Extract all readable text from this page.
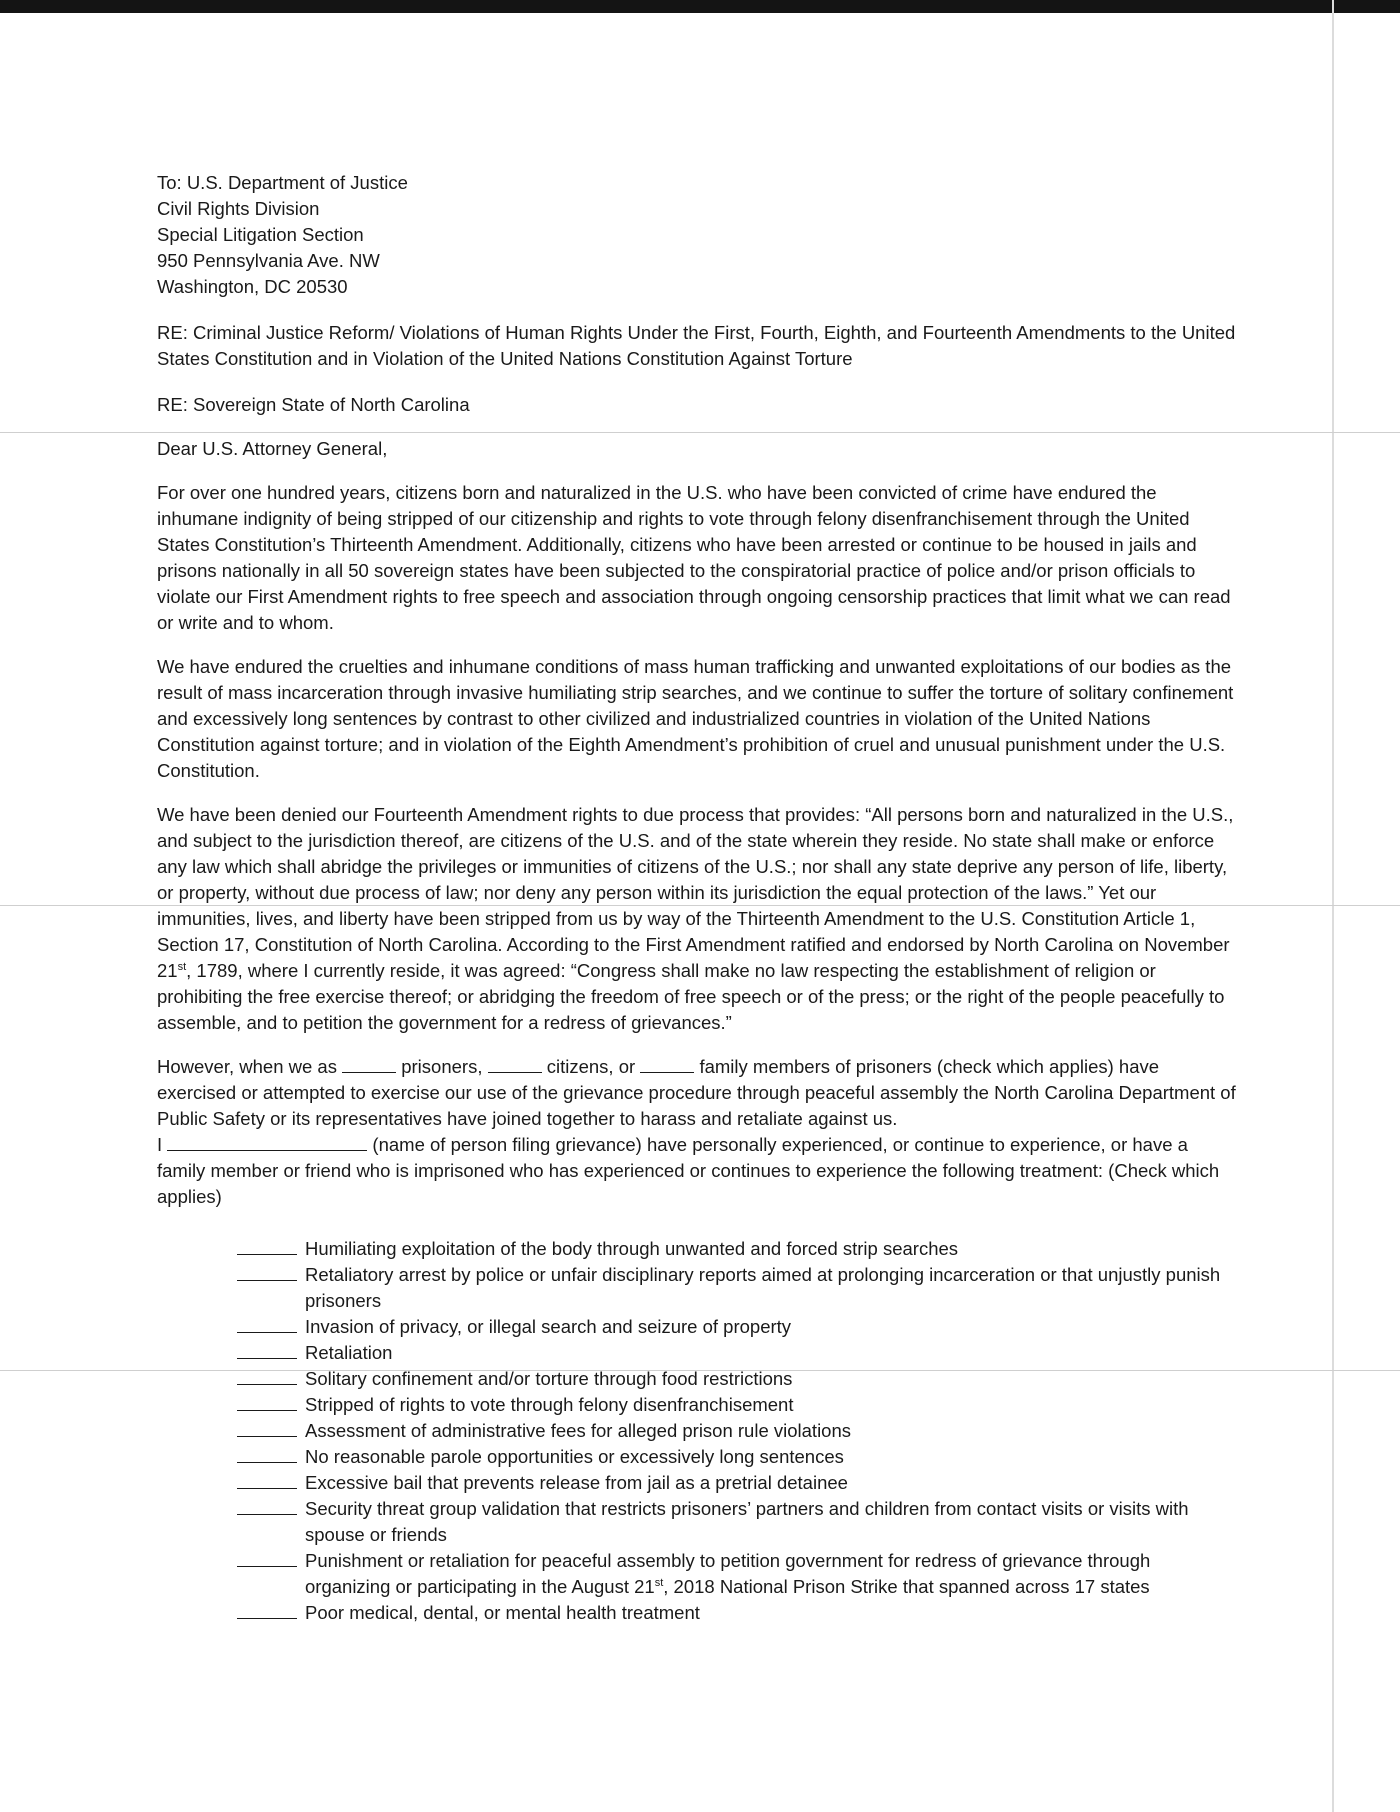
To: U.S. Department of Justice
Civil Rights Division
Special Litigation Section
950 Pennsylvania Ave. NW
Washington, DC 20530

RE: Criminal Justice Reform/ Violations of Human Rights Under the First, Fourth, Eighth, and Fourteenth Amendments to the United States Constitution and in Violation of the United Nations Constitution Against Torture

RE: Sovereign State of North Carolina

Dear U.S. Attorney General,

For over one hundred years, citizens born and naturalized in the U.S. who have been convicted of crime have endured the inhumane indignity of being stripped of our citizenship and rights to vote through felony disenfranchisement through the United States Constitution’s Thirteenth Amendment. Additionally, citizens who have been arrested or continue to be housed in jails and prisons nationally in all 50 sovereign states have been subjected to the conspiratorial practice of police and/or prison officials to violate our First Amendment rights to free speech and association through ongoing censorship practices that limit what we can read or write and to whom.

We have endured the cruelties and inhumane conditions of mass human trafficking and unwanted exploitations of our bodies as the result of mass incarceration through invasive humiliating strip searches, and we continue to suffer the torture of solitary confinement and excessively long sentences by contrast to other civilized and industrialized countries in violation of the United Nations Constitution against torture; and in violation of the Eighth Amendment’s prohibition of cruel and unusual punishment under the U.S. Constitution.

We have been denied our Fourteenth Amendment rights to due process that provides: “All persons born and naturalized in the U.S., and subject to the jurisdiction thereof, are citizens of the U.S. and of the state wherein they reside. No state shall make or enforce any law which shall abridge the privileges or immunities of citizens of the U.S.; nor shall any state deprive any person of life, liberty, or property, without due process of law; nor deny any person within its jurisdiction the equal protection of the laws.” Yet our immunities, lives, and liberty have been stripped from us by way of the Thirteenth Amendment to the U.S. Constitution Article 1, Section 17, Constitution of North Carolina. According to the First Amendment ratified and endorsed by North Carolina on November 21st, 1789, where I currently reside, it was agreed: “Congress shall make no law respecting the establishment of religion or prohibiting the free exercise thereof; or abridging the freedom of free speech or of the press; or the right of the people peacefully to assemble, and to petition the government for a redress of grievances.”

However, when we as	prisoners,	citizens, or	family members of prisoners (check which applies) have exercised or attempted to exercise our use of the grievance procedure through peaceful assembly the North Carolina Department of Public Safety or its representatives have joined together to harass and retaliate against us.
I	(name of person filing grievance) have personally experienced, or continue to experience, or have a family member or friend who is imprisoned who has experienced or continues to experience the following treatment: (Check which applies)

Humiliating exploitation of the body through unwanted and forced strip searches
Retaliatory arrest by police or unfair disciplinary reports aimed at prolonging incarceration or that unjustly punish prisoners
Invasion of privacy, or illegal search and seizure of property
Retaliation
Solitary confinement and/or torture through food restrictions
Stripped of rights to vote through felony disenfranchisement
Assessment of administrative fees for alleged prison rule violations
No reasonable parole opportunities or excessively long sentences
Excessive bail that prevents release from jail as a pretrial detainee
Security threat group validation that restricts prisoners’ partners and children from contact visits or visits with spouse or friends
Punishment or retaliation for peaceful assembly to petition government for redress of grievance through organizing or participating in the August 21st, 2018 National Prison Strike that spanned across 17 states
Poor medical, dental, or mental health treatment
